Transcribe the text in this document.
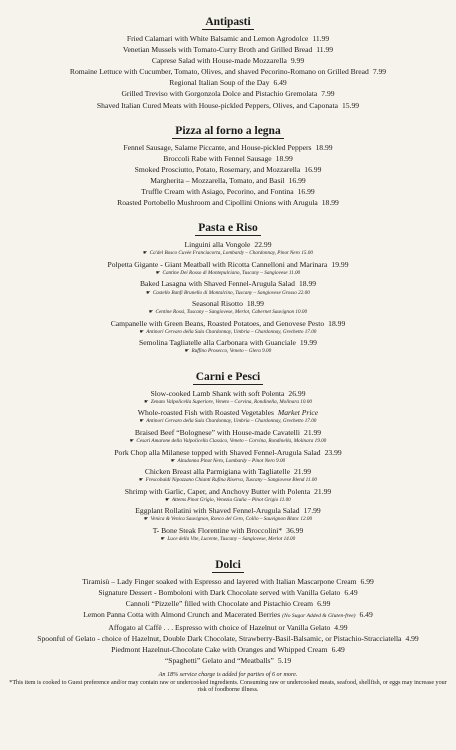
Antipasti
Fried Calamari with White Balsamic and Lemon Agrodolce 11.99
Venetian Mussels with Tomato-Curry Broth and Grilled Bread 11.99
Caprese Salad with House-made Mozzarella 9.99
Romaine Lettuce with Cucumber, Tomato, Olives, and shaved Pecorino-Romano on Grilled Bread 7.99
Regional Italian Soup of the Day 6.49
Grilled Treviso with Gorgonzola Dolce and Pistachio Gremolata 7.99
Shaved Italian Cured Meats with House-pickled Peppers, Olives, and Caponata 15.99
Pizza al forno a legna
Fennel Sausage, Salame Piccante, and House-pickled Peppers 18.99
Broccoli Rabe with Fennel Sausage 18.99
Smoked Prosciutto, Potato, Rosemary, and Mozzarella 16.99
Margherita – Mozzarella, Tomato, and Basil 16.99
Truffle Cream with Asiago, Pecorino, and Fontina 16.99
Roasted Portobello Mushroom and Cipollini Onions with Arugula 18.99
Pasta e Riso
Linguini alla Vongole 22.99
☛ Ca'del Bosco Cuvée Franciacorta, Lombardy – Chardonnay, Pinot Nero 15.00
Polpetta Gigante - Giant Meatball with Ricotta Cannelloni and Marinara 19.99
☛ Cantine Dei Rosso di Montepulciano, Tuscany – Sangiovese 11.00
Baked Lasagna with Shaved Fennel-Arugula Salad 18.99
☛ Castello Banfi Brunello di Montalcino, Tuscany – Sangiovese Grosso 22.00
Seasonal Risotto 18.99
☛ Centine Rossi, Tuscany – Sangiovese, Merlot, Cabernet Sauvignon 10.00
Campanelle with Green Beans, Roasted Potatoes, and Genovese Pesto 18.99
☛ Antinori Cervaro della Sala Chardonnay, Umbria – Chardonnay, Grechetto 17.00
Semolina Tagliatelle alla Carbonara with Guanciale 19.99
☛ Ruffino Prosecco, Veneto – Glera 9.00
Carni e Pesci
Slow-cooked Lamb Shank with soft Polenta 26.99
☛ Zenato Valpolicella Superiore, Veneto – Corvina, Rondinella, Molinara 10.00
Whole-roasted Fish with Roasted Vegetables Market Price
☛ Antinori Cervaro della Sala Chardonnay, Umbria – Chardonnay, Grechetto 17.00
Braised Beef “Bolognese” with House-made Cavatelli 21.99
☛ Cesari Amarone della Valpolicella Classico, Veneto – Corvina, Rondinella, Molinara 19.00
Pork Chop alla Milanese topped with Shaved Fennel-Arugula Salad 23.99
☛ Altadonna Pinot Nero, Lombardy – Pinot Nero 9.00
Chicken Breast alla Parmigiana with Tagliatelle 21.99
☛ Frescobaldi Nipozzano Chianti Rufina Riserva, Tuscany – Sangiovese Blend 11.00
Shrimp with Garlic, Caper, and Anchovy Butter with Polenta 21.99
☛ Attems Pinot Grigio, Venezia Giulia – Pinot Grigio 11.00
Eggplant Rollatini with Shaved Fennel-Arugula Salad 17.99
☛ Venica & Venica Sauvignon, Ronco del Cero, Collio – Sauvignon Blanc 12.00
T- Bone Steak Florentine with Broccolini* 36.99
☛ Luce della Vite, Lucente, Tuscany – Sangiovese, Merlot 14.00
Dolci
Tiramisù – Lady Finger soaked with Espresso and layered with Italian Mascarpone Cream 6.99
Signature Dessert - Bomboloni with Dark Chocolate served with Vanilla Gelato 6.49
Cannoli “Pizzelle” filled with Chocolate and Pistachio Cream 6.99
Lemon Panna Cotta with Almond Crunch and Macerated Berries (No Sugar Added & Gluten-free) 6.49
Affogato al Caffè . . . Espresso with choice of Hazelnut or Vanilla Gelato 4.99
Spoonful of Gelato - choice of Hazelnut, Double Dark Chocolate, Strawberry-Basil-Balsamic, or Pistachio-Stracciatella 4.99
Piedmont Hazelnut-Chocolate Cake with Oranges and Whipped Cream 6.49
“Spaghetti” Gelato and “Meatballs” 5.19
An 18% service charge is added for parties of 6 or more.
*This item is cooked to Guest preference and/or may contain raw or undercooked ingredients. Consuming raw or undercooked meats, seafood, shellfish, or eggs may increase your risk of foodborne illness.
